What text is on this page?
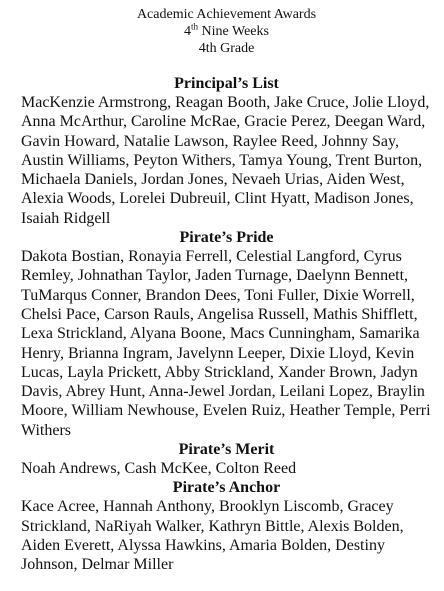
Academic Achievement Awards
4th Nine Weeks
4th Grade
Principal’s List

MacKenzie Armstrong, Reagan Booth, Jake Cruce, Jolie Lloyd, Anna McArthur, Caroline McRae, Gracie Perez, Deegan Ward, Gavin Howard, Natalie Lawson, Raylee Reed, Johnny Say, Austin Williams, Peyton Withers, Tamya Young, Trent Burton, Michaela Daniels, Jordan Jones, Nevaeh Urias, Aiden West, Alexia Woods, Lorelei Dubreuil, Clint Hyatt, Madison Jones, Isaiah Ridgell

Pirate’s Pride

Dakota Bostian, Ronayia Ferrell, Celestial Langford, Cyrus Remley, Johnathan Taylor, Jaden Turnage, Daelynn Bennett, TuMarqus Conner, Brandon Dees, Toni Fuller, Dixie Worrell, Chelsi Pace, Carson Rauls, Angelisa Russell, Mathis Shifflett, Lexa Strickland, Alyana Boone, Macs Cunningham, Samarika Henry, Brianna Ingram, Javelynn Leeper, Dixie Lloyd, Kevin Lucas, Layla Prickett, Abby Strickland, Xander Brown, Jadyn Davis, Abrey Hunt, Anna-Jewel Jordan, Leilani Lopez, Braylin Moore, William Newhouse, Evelen Ruiz, Heather Temple, Perri Withers

Pirate’s Merit

Noah Andrews, Cash McKee, Colton Reed

Pirate’s Anchor

Kace Acree, Hannah Anthony, Brooklyn Liscomb, Gracey Strickland, NaRiyah Walker, Kathryn Bittle, Alexis Bolden, Aiden Everett, Alyssa Hawkins, Amaria Bolden, Destiny Johnson, Delmar Miller
